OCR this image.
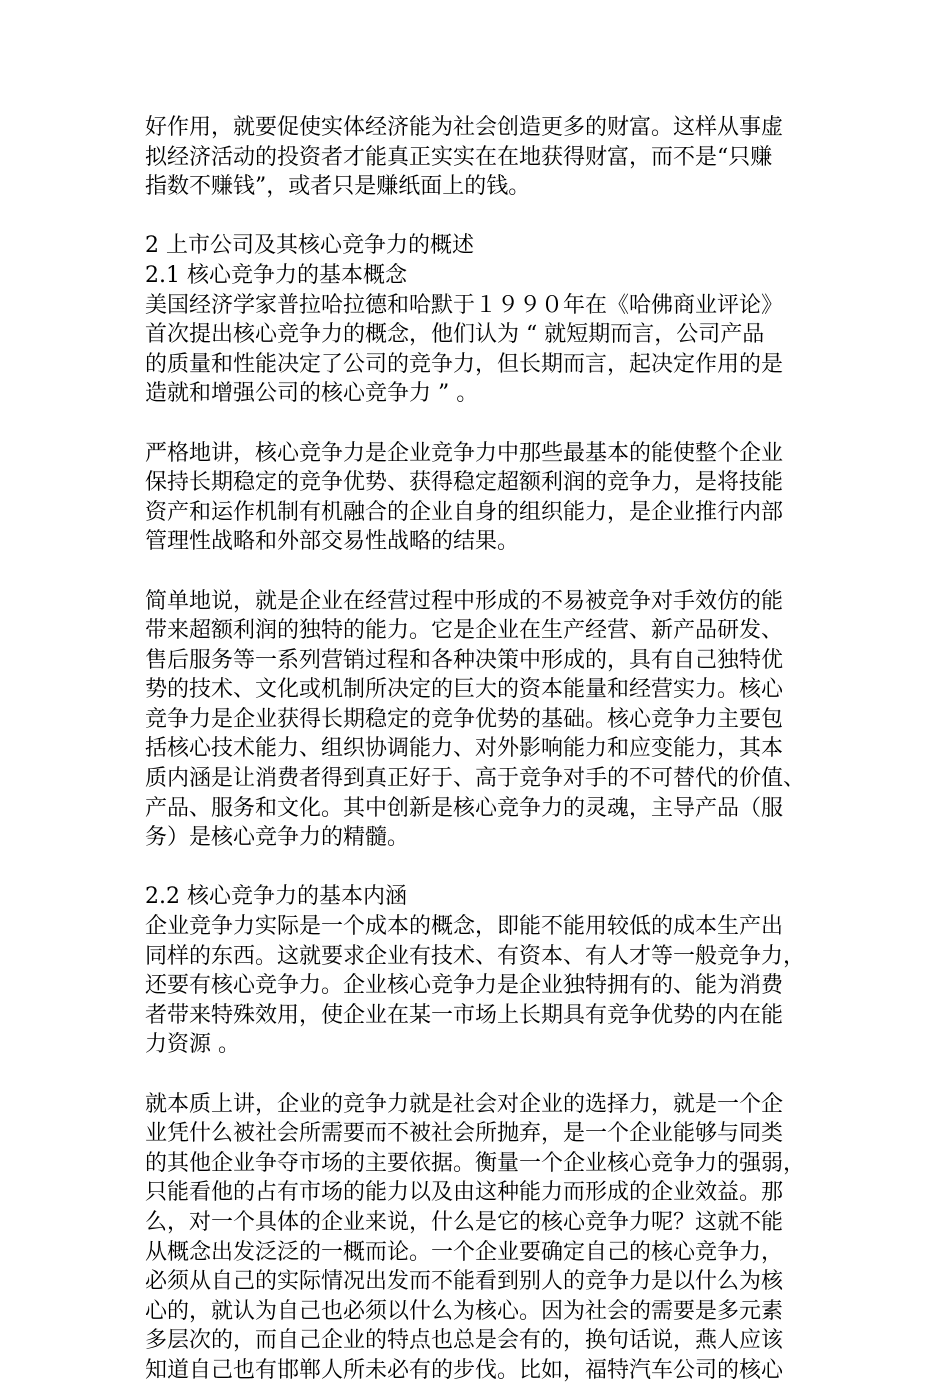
好作用，就要促使实体经济能为社会创造更多的财富。这样从事虚
拟经济活动的投资者才能真正实实在在地获得财富，而不是“只赚
指数不赚钱”，或者只是赚纸面上的钱。
2 上市公司及其核心竞争力的概述
2.1 核心竞争力的基本概念
美国经济学家普拉哈拉德和哈默于１９９０年在《哈佛商业评论》
首次提出核心竞争力的概念，他们认为 “ 就短期而言，公司产品
的质量和性能决定了公司的竞争力，但长期而言，起决定作用的是
造就和增强公司的核心竞争力 ” 。
严格地讲，核心竞争力是企业竞争力中那些最基本的能使整个企业
保持长期稳定的竞争优势、获得稳定超额利润的竞争力，是将技能
资产和运作机制有机融合的企业自身的组织能力，是企业推行内部
管理性战略和外部交易性战略的结果。
简单地说，就是企业在经营过程中形成的不易被竞争对手效仿的能
带来超额利润的独特的能力。它是企业在生产经营、新产品研发、
售后服务等一系列营销过程和各种决策中形成的，具有自己独特优
势的技术、文化或机制所决定的巨大的资本能量和经营实力。核心
竞争力是企业获得长期稳定的竞争优势的基础。核心竞争力主要包
括核心技术能力、组织协调能力、对外影响能力和应变能力，其本
质内涵是让消费者得到真正好于、高于竞争对手的不可替代的价值、
产品、服务和文化。其中创新是核心竞争力的灵魂，主导产品（服
务）是核心竞争力的精髓。
2.2 核心竞争力的基本内涵
企业竞争力实际是一个成本的概念，即能不能用较低的成本生产出
同样的东西。这就要求企业有技术、有资本、有人才等一般竞争力，
还要有核心竞争力。企业核心竞争力是企业独特拥有的、能为消费
者带来特殊效用，使企业在某一市场上长期具有竞争优势的内在能
力资源 。
就本质上讲，企业的竞争力就是社会对企业的选择力，就是一个企
业凭什么被社会所需要而不被社会所抛弃，是一个企业能够与同类
的其他企业争夺市场的主要依据。衡量一个企业核心竞争力的强弱，
只能看他的占有市场的能力以及由这种能力而形成的企业效益。那
么，对一个具体的企业来说，什么是它的核心竞争力呢？这就不能
从概念出发泛泛的一概而论。一个企业要确定自己的核心竞争力，
必须从自己的实际情况出发而不能看到别人的竞争力是以什么为核
心的，就认为自己也必须以什么为核心。因为社会的需要是多元素
多层次的，而自己企业的特点也总是会有的，换句话说，燕人应该
知道自己也有邯郸人所未必有的步伐。比如，福特汽车公司的核心
